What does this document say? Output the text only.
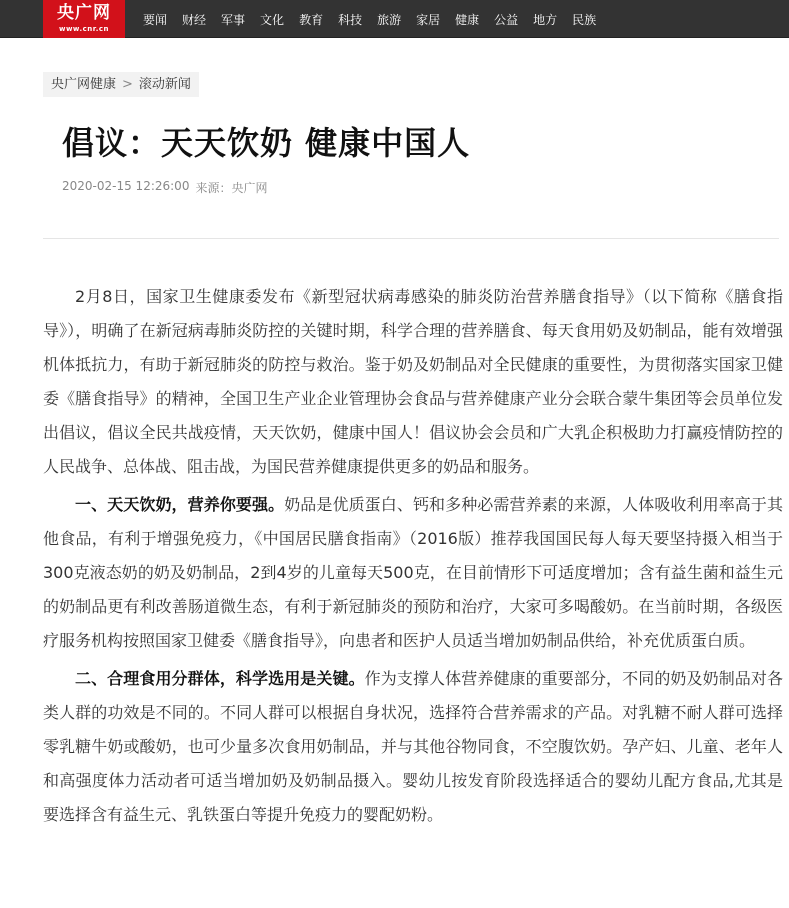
央广网
www.cnr.cn
要闻 财经 军事 文化 教育 科技 旅游 家居 健康 公益 地方 民族
央广网健康 > 滚动新闻
倡议：天天饮奶 健康中国人
2020-02-15 12:26:00 来源：央广网

2月8日，国家卫生健康委发布《新型冠状病毒感染的肺炎防治营养膳食指导》（以下简称《膳食指导》），明确了在新冠病毒肺炎防控的关键时期，科学合理的营养膳食、每天食用奶及奶制品，能有效增强机体抵抗力，有助于新冠肺炎的防控与救治。鉴于奶及奶制品对全民健康的重要性，为贯彻落实国家卫健委《膳食指导》的精神，全国卫生产业企业管理协会食品与营养健康产业分会联合蒙牛集团等会员单位发出倡议，倡议全民共战疫情，天天饮奶，健康中国人！倡议协会会员和广大乳企积极助力打赢疫情防控的人民战争、总体战、阻击战，为国民营养健康提供更多的奶品和服务。

一、天天饮奶，营养你要强。奶品是优质蛋白、钙和多种必需营养素的来源，人体吸收利用率高于其他食品，有利于增强免疫力，《中国居民膳食指南》（2016版）推荐我国国民每人每天要坚持摄入相当于300克液态奶的奶及奶制品，2到4岁的儿童每天500克，在目前情形下可适度增加；含有益生菌和益生元的奶制品更有利改善肠道微生态，有利于新冠肺炎的预防和治疗，大家可多喝酸奶。在当前时期，各级医疗服务机构按照国家卫健委《膳食指导》，向患者和医护人员适当增加奶制品供给，补充优质蛋白质。

二、合理食用分群体，科学选用是关键。作为支撑人体营养健康的重要部分，不同的奶及奶制品对各类人群的功效是不同的。不同人群可以根据自身状况，选择符合营养需求的产品。对乳糖不耐人群可选择零乳糖牛奶或酸奶，也可少量多次食用奶制品，并与其他谷物同食，不空腹饮奶。孕产妇、儿童、老年人和高强度体力活动者可适当增加奶及奶制品摄入。婴幼儿按发育阶段选择适合的婴幼儿配方食品,尤其是要选择含有益生元、乳铁蛋白等提升免疫力的婴配奶粉。
